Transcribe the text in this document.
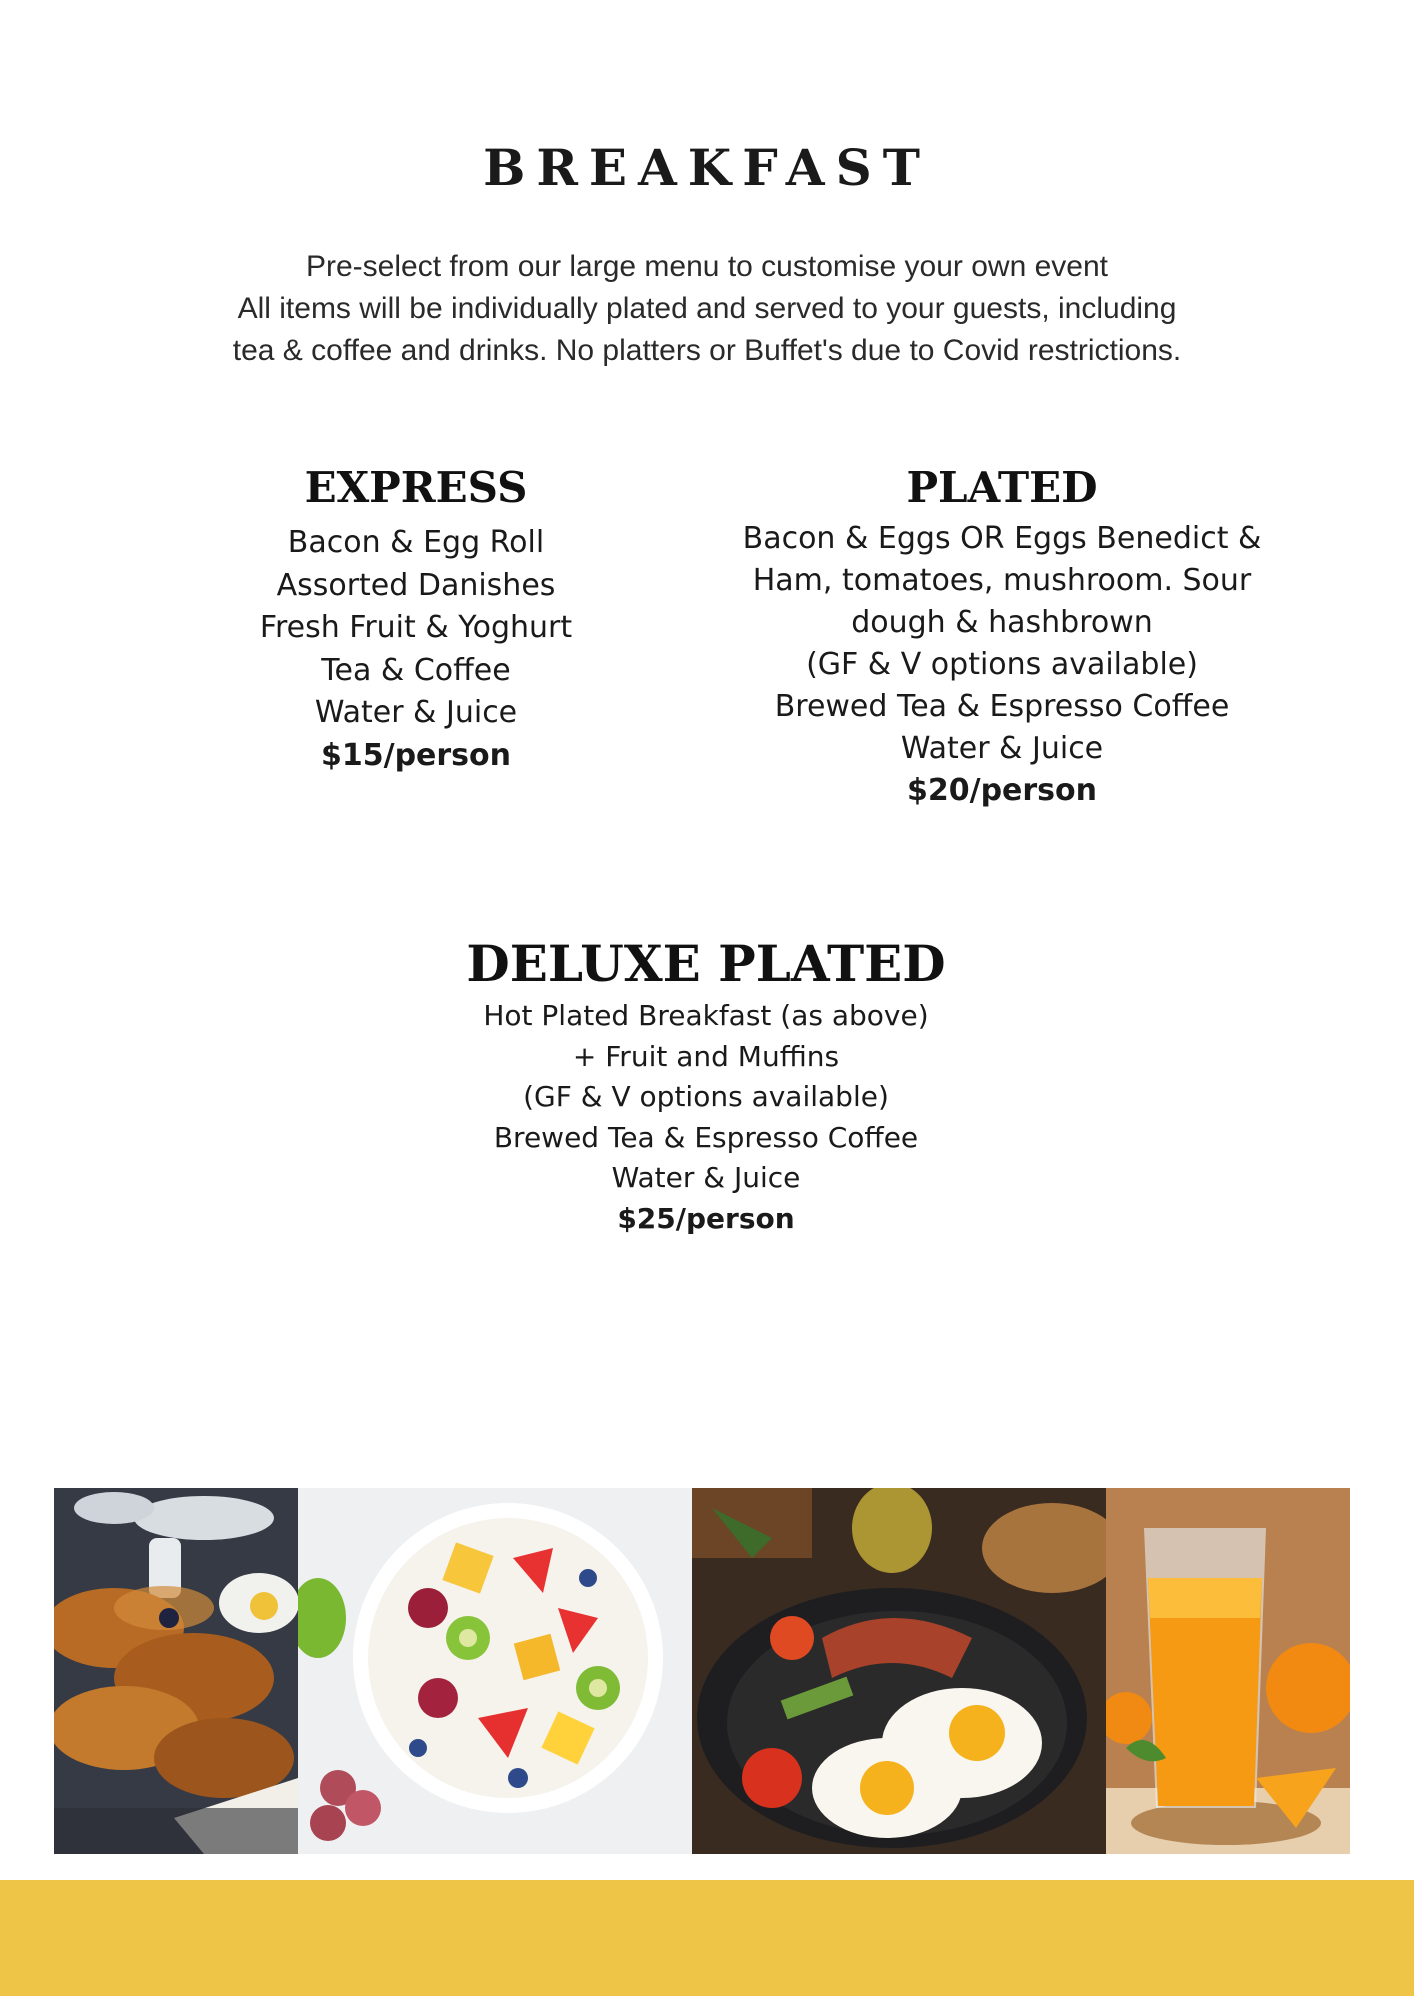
BREAKFAST
Pre-select from our large menu to customise your own event
All items will be individually plated and served to your guests, including
tea & coffee and drinks. No platters or Buffet's due to Covid restrictions.
EXPRESS
Bacon & Egg Roll
Assorted Danishes
Fresh Fruit & Yoghurt
Tea & Coffee
Water & Juice
$15/person
PLATED
Bacon & Eggs OR Eggs Benedict &
Ham, tomatoes, mushroom. Sour
dough & hashbrown
(GF & V options available)
Brewed Tea & Espresso Coffee
Water & Juice
$20/person
DELUXE PLATED
Hot Plated Breakfast (as above)
+ Fruit and Muffins
(GF & V options available)
Brewed Tea & Espresso Coffee
Water & Juice
$25/person
